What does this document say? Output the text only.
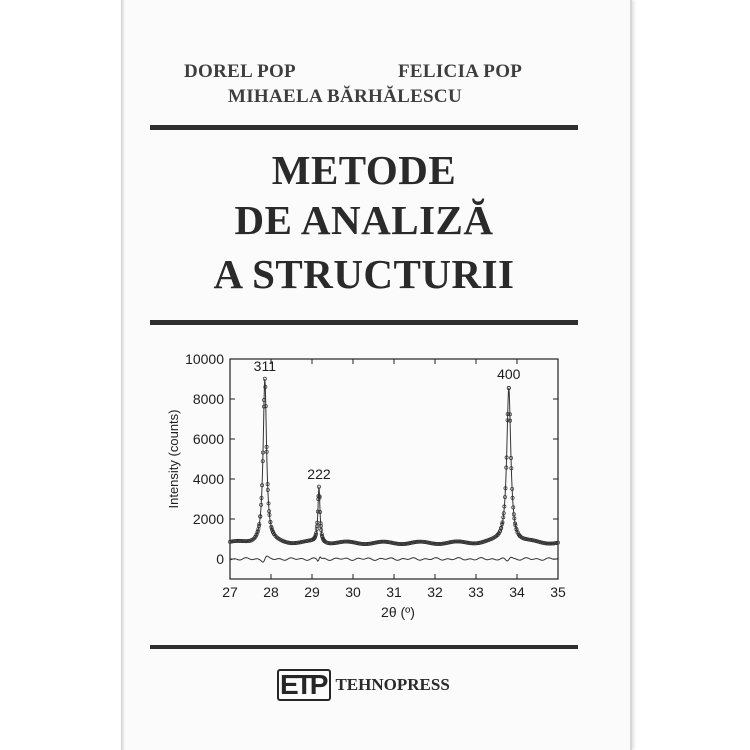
DOREL POP	FELICIA POP
MIHAELA BĂRHĂLESCU
METODE
DE ANALIZĂ
A STRUCTURII
0
2000
4000
6000
8000
10000
27 28 29 30 31 32 33 34 35
2θ (º)
Intensity (counts)
311
222
400
ETP TEHNOPRESS
